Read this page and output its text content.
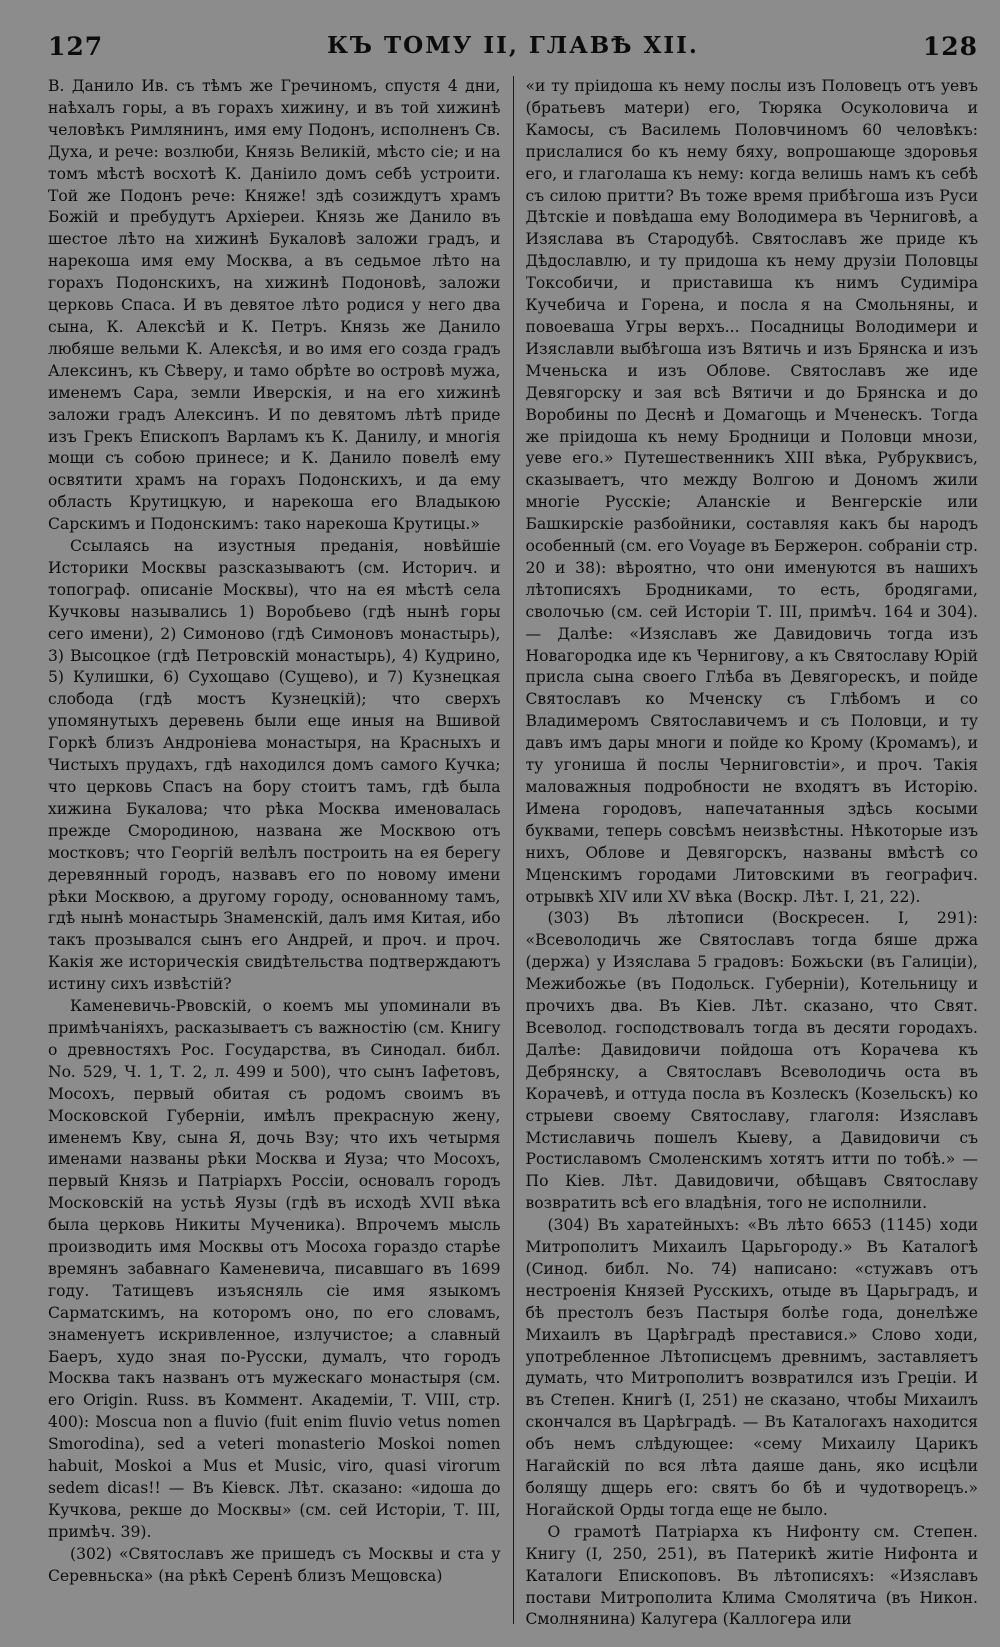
127	КЪ ТОМУ II, ГЛАВѢ XII.	128

В. Данило Ив. съ тѣмъ же Гречиномъ, спустя 4 дни, наѣхалъ горы, а въ горахъ хижину, и въ той хижинѣ человѣкъ Римлянинъ, имя ему Подонъ, исполненъ Св. Духа, и рече: возлюби, Князь Великій, мѣсто сіе; и на томъ мѣстѣ восхотѣ К. Даніило домъ себѣ устроити. Той же Подонъ рече: Княже! здѣ созиждутъ храмъ Божій и пребудутъ Архіереи. Князь же Данило въ шестое лѣто на хижинѣ Букаловѣ заложи градъ, и нарекоша имя ему Москва, а въ седьмое лѣто на горахъ Подонскихъ, на хижинѣ Подоновѣ, заложи церковь Спаса. И въ девятое лѣто родися у него два сына, К. Алексѣй и К. Петръ. Князь же Данило любяше вельми К. Алексѣя, и во имя его созда градъ Алексинъ, къ Сѣверу, и тамо обрѣте во островѣ мужа, именемъ Сара, земли Иверскія, и на его хижинѣ заложи градъ Алексинъ. И по девятомъ лѣтѣ приде изъ Грекъ Епископъ Варламъ къ К. Данилу, и многія мощи съ собою принесе; и К. Данило повелѣ ему освятити храмъ на горахъ Подонскихъ, и да ему область Крутицкую, и нарекоша его Владыкою Сарскимъ и Подонскимъ: тако нарекоша Крутицы.»

Ссылаясь на изустныя преданія, новѣйшіе Историки Москвы разсказываютъ (см. Историч. и топограф. описаніе Москвы), что на ея мѣстѣ села Кучковы назывались 1) Воробьево (гдѣ нынѣ горы сего имени), 2) Симоново (гдѣ Симоновъ монастырь), 3) Высоцкое (гдѣ Петровскій монастырь), 4) Кудрино, 5) Кулишки, 6) Сухощаво (Сущево), и 7) Кузнецкая слобода (гдѣ мостъ Кузнецкій); что сверхъ упомянутыхъ деревень были еще иныя на Вшивой Горкѣ близъ Андроніева монастыря, на Красныхъ и Чистыхъ прудахъ, гдѣ находился домъ самого Кучка; что церковь Спасъ на бору стоитъ тамъ, гдѣ была хижина Букалова; что рѣка Москва именовалась прежде Смородиною, названа же Москвою отъ мостковъ; что Георгій велѣлъ построить на ея берегу деревянный городъ, назвавъ его по новому имени рѣки Москвою, а другому городу, основанному тамъ, гдѣ нынѣ монастырь Знаменскій, далъ имя Китая, ибо такъ прозывался сынъ его Андрей, и проч. и проч. Какія же историческія свидѣтельства подтверждаютъ истину сихъ извѣстій?

Каменевичь-Рвовскій, о коемъ мы упоминали въ примѣчаніяхъ, расказываетъ съ важностію (см. Книгу о древностяхъ Рос. Государства, въ Синодал. библ. No. 529, Ч. 1, Т. 2, л. 499 и 500), что сынъ Іафетовъ, Мосохъ, первый обитая съ родомъ своимъ въ Московской Губерніи, имѣлъ прекрасную жену, именемъ Кву, сына Я, дочь Взу; что ихъ четырмя именами названы рѣки Москва и Яуза; что Мосохъ, первый Князь и Патріархъ Россіи, основалъ городъ Московскій на устьѣ Яузы (гдѣ въ исходѣ XVII вѣка была церковь Никиты Мученика). Впрочемъ мысль производить имя Москвы отъ Мосоха гораздо старѣе времянъ забавнаго Каменевича, писавшаго въ 1699 году. Татищевъ изъясняль сіе имя языкомъ Сарматскимъ, на которомъ оно, по его словамъ, знаменуетъ искривленное, излучистое; а славный Баеръ, худо зная по-Русски, думалъ, что городъ Москва такъ названъ отъ мужескаго монастыря (см. его Origin. Russ. въ Коммент. Академіи, Т. VIII, стр. 400): Moscua non a fluvio (fuit enim fluvio vetus nomen Smorodina), sed a veteri monasterio Moskoi nomen habuit, Moskoi a Mus et Music, viro, quasi virorum sedem dicas!! — Въ Кіевск. Лѣт. сказано: «идоша до Кучкова, рекше до Москвы» (см. сей Исторіи, Т. III, примѣч. 39).

(302) «Святославъ же пришедъ съ Москвы и ста у Серевньска» (на рѣкѣ Серенѣ близъ Мещовска)

«и ту пріидоша къ нему послы изъ Половецъ отъ уевъ (братьевъ матери) его, Тюряка Осуколовича и Камосы, съ Василемь Половчиномъ 60 человѣкъ: прислалися бо къ нему бяху, вопрошающе здоровья его, и глаголаша къ нему: когда велишь намъ къ себѣ съ силою притти? Въ тоже время прибѣгоша изъ Руси Дѣтскіе и повѣдаша ему Володимера въ Черниговѣ, а Изяслава въ Стародубѣ. Святославъ же приде къ Дѣдославлю, и ту придоша къ нему друзіи Половцы Токсобичи, и приставиша къ нимъ Судиміра Кучебича и Горена, и посла я на Смольняны, и повоеваша Угры верхъ... Посадницы Володимери и Изяславли выбѣгоша изъ Вятичь и изъ Брянска и изъ Мченьска и изъ Облове. Святославъ же иде Девягорску и зая всѣ Вятичи и до Брянска и до Воробины по Деснѣ и Домагощь и Мченескъ. Тогда же пріидоша къ нему Бродници и Половци мнози, уеве его.» Путешественникъ XIII вѣка, Рубруквисъ, сказываетъ, что между Волгою и Дономъ жили многіе Русскіе; Аланскіе и Венгерскіе или Башкирскіе разбойники, составляя какъ бы народъ особенный (см. его Voyage въ Бержерон. собраніи стр. 20 и 38): вѣроятно, что они именуются въ нашихъ лѣтописяхъ Бродниками, то есть, бродягами, сволочью (см. сей Исторіи Т. III, примѣч. 164 и 304). — Далѣе: «Изяславъ же Давидовичь тогда изъ Новагородка иде къ Чернигову, а къ Святославу Юрій присла сына своего Глѣба въ Девягорескъ, и пойде Святославъ ко Мченску съ Глѣбомъ и со Владимеромъ Святославичемъ и съ Половци, и ту давъ имъ дары многи и пойде ко Крому (Кромамъ), и ту угониша й послы Черниговстіи», и проч. Такія маловажныя подробности не входятъ въ Исторію. Имена городовъ, напечатанныя здѣсь косыми буквами, теперь совсѣмъ неизвѣстны. Нѣкоторые изъ нихъ, Облове и Девягорскъ, названы вмѣстѣ со Мценскимъ городами Литовскими въ географич. отрывкѣ XIV или XV вѣка (Воскр. Лѣт. I, 21, 22).

(303) Въ лѣтописи (Воскресен. I, 291): «Всеволодичь же Святославъ тогда бяше држа (держа) у Изяслава 5 градовъ: Божьски (въ Галиціи), Межибожье (въ Подольск. Губерніи), Котельницу и прочихъ два. Въ Кіев. Лѣт. сказано, что Свят. Всеволод. господствовалъ тогда въ десяти городахъ. Далѣе: Давидовичи пойдоша отъ Корачева къ Дебрянску, а Святославъ Всеволодичь оста въ Корачевѣ, и оттуда посла въ Козлескъ (Козельскъ) ко стрыеви своему Святославу, глаголя: Изяславъ Мстиславичь пошелъ Кыеву, а Давидовичи съ Ростиславомъ Смоленскимъ хотятъ итти по тобѣ.» — По Кіев. Лѣт. Давидовичи, обѣщавъ Святославу возвратить всѣ его владѣнія, того не исполнили.

(304) Въ харатейныхъ: «Въ лѣто 6653 (1145) ходи Митрополитъ Михаилъ Царьгороду.» Въ Каталогѣ (Синод. библ. No. 74) написано: «стужавъ отъ нестроенія Князей Русскихъ, отыде въ Царьградъ, и бѣ престолъ безъ Пастыря болѣе года, донелѣже Михаилъ въ Царѣградѣ преставися.» Слово ходи, употребленное Лѣтописцемъ древнимъ, заставляетъ думать, что Митрополитъ возвратился изъ Греціи. И въ Степен. Книгѣ (I, 251) не сказано, чтобы Михаилъ скончался въ Царѣградѣ. — Въ Каталогахъ находится объ немъ слѣдующее: «сему Михаилу Царикъ Нагайскій по вся лѣта даяше дань, яко исцѣли болящу дщерь его: святъ бо бѣ и чудотворецъ.» Ногайской Орды тогда еще не было.

О грамотѣ Патріарха къ Нифонту см. Степен. Книгу (I, 250, 251), въ Патерикѣ житіе Нифонта и Каталоги Епископовъ. Въ лѣтописяхъ: «Изяславъ постави Митрополита Клима Смолятича (въ Никон. Смолнянина) Калугера (Каллогера или
